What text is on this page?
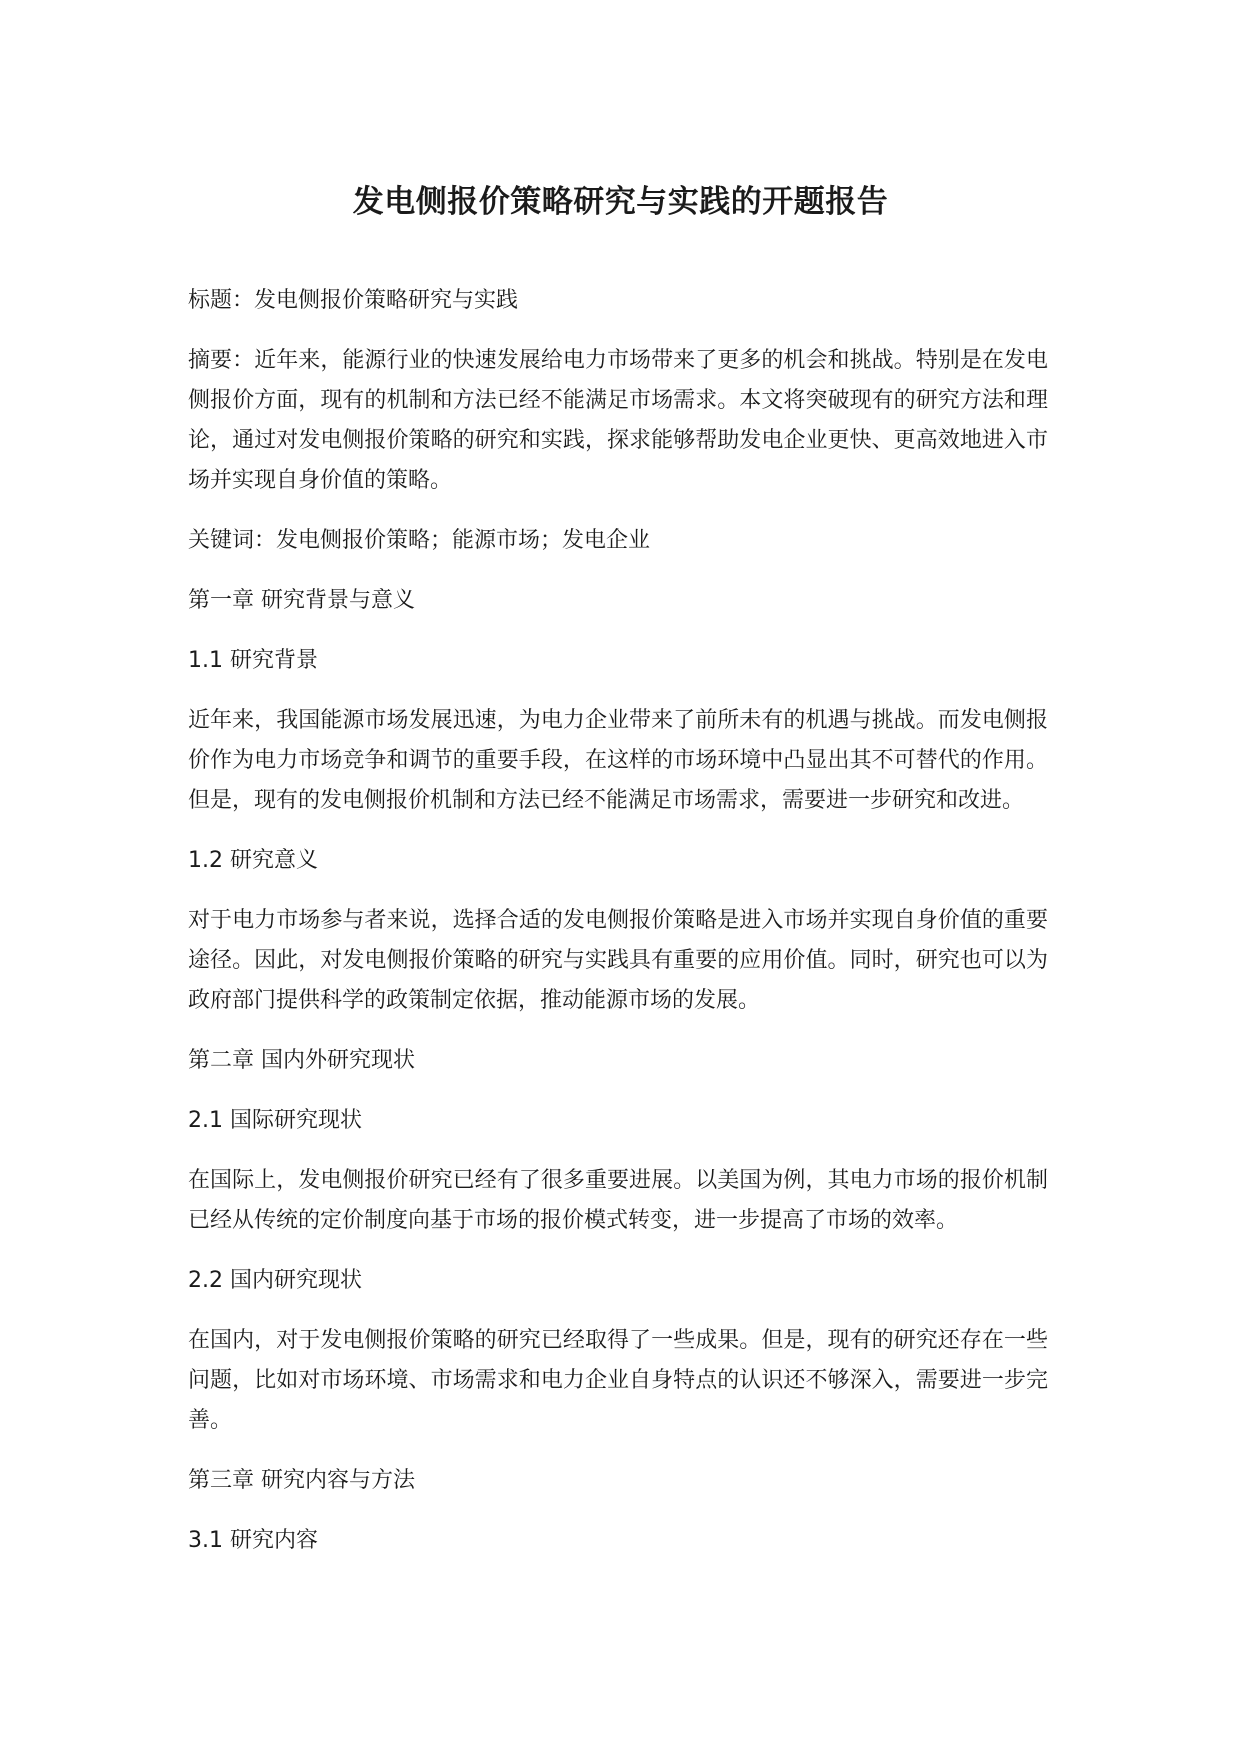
发电侧报价策略研究与实践的开题报告

标题：发电侧报价策略研究与实践

摘要：近年来，能源行业的快速发展给电力市场带来了更多的机会和挑战。特别是在发电侧报价方面，现有的机制和方法已经不能满足市场需求。本文将突破现有的研究方法和理论，通过对发电侧报价策略的研究和实践，探求能够帮助发电企业更快、更高效地进入市场并实现自身价值的策略。

关键词：发电侧报价策略；能源市场；发电企业

第一章 研究背景与意义

1.1 研究背景

近年来，我国能源市场发展迅速，为电力企业带来了前所未有的机遇与挑战。而发电侧报价作为电力市场竞争和调节的重要手段，在这样的市场环境中凸显出其不可替代的作用。但是，现有的发电侧报价机制和方法已经不能满足市场需求，需要进一步研究和改进。

1.2 研究意义

对于电力市场参与者来说，选择合适的发电侧报价策略是进入市场并实现自身价值的重要途径。因此，对发电侧报价策略的研究与实践具有重要的应用价值。同时，研究也可以为政府部门提供科学的政策制定依据，推动能源市场的发展。

第二章 国内外研究现状

2.1 国际研究现状

在国际上，发电侧报价研究已经有了很多重要进展。以美国为例，其电力市场的报价机制已经从传统的定价制度向基于市场的报价模式转变，进一步提高了市场的效率。

2.2 国内研究现状

在国内，对于发电侧报价策略的研究已经取得了一些成果。但是，现有的研究还存在一些问题，比如对市场环境、市场需求和电力企业自身特点的认识还不够深入，需要进一步完善。

第三章 研究内容与方法

3.1 研究内容
